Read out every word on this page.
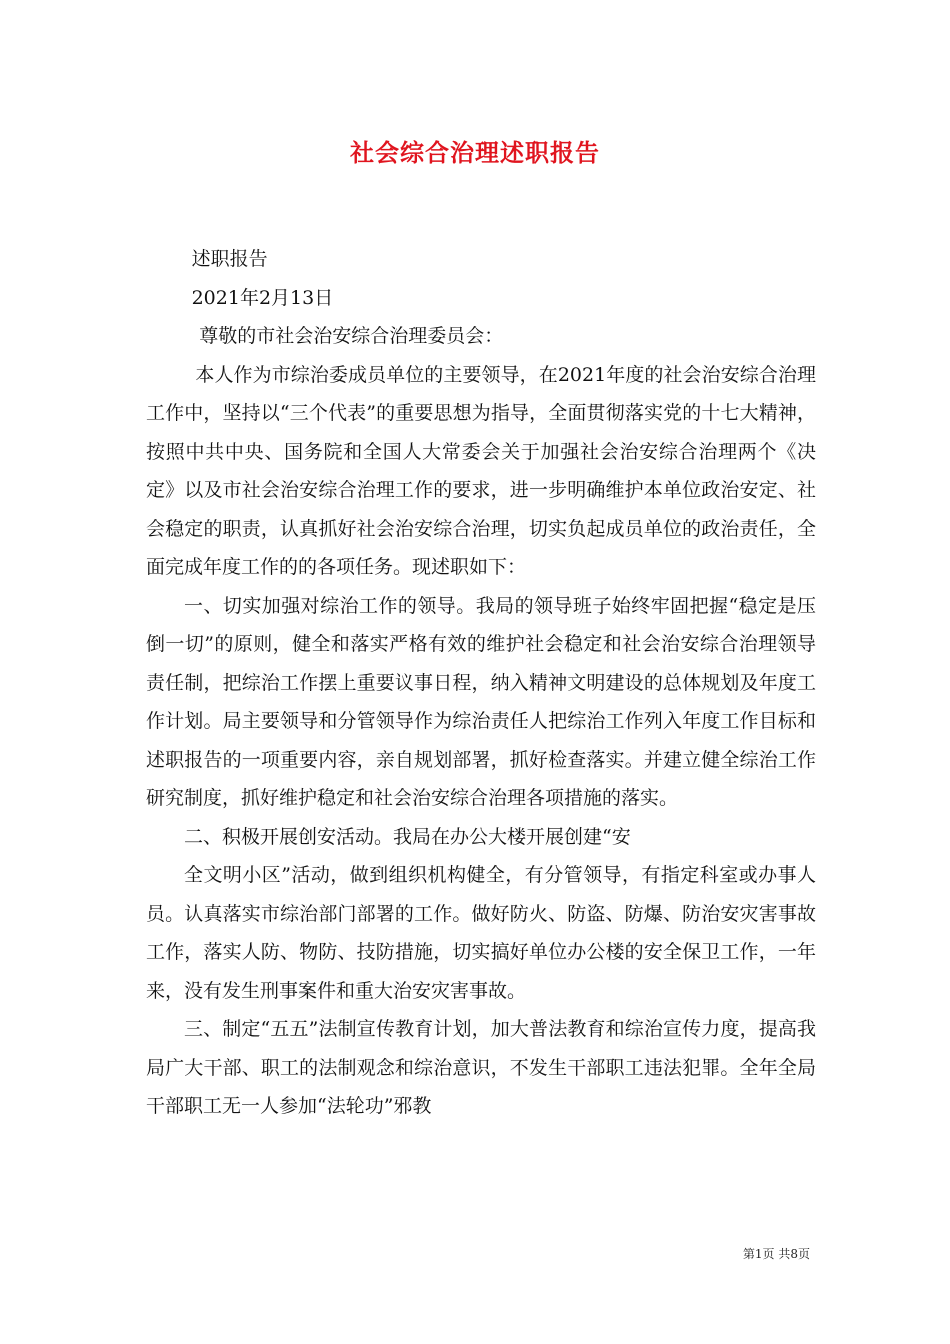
社会综合治理述职报告

述职报告

2021年2月13日

尊敬的市社会治安综合治理委员会：

本人作为市综治委成员单位的主要领导，在2021年度的社会治安综合治理工作中，坚持以“三个代表”的重要思想为指导，全面贯彻落实党的十七大精神，按照中共中央、国务院和全国人大常委会关于加强社会治安综合治理两个《决定》以及市社会治安综合治理工作的要求，进一步明确维护本单位政治安定、社会稳定的职责，认真抓好社会治安综合治理，切实负起成员单位的政治责任，全面完成年度工作的的各项任务。现述职如下：

一、切实加强对综治工作的领导。我局的领导班子始终牢固把握“稳定是压倒一切”的原则，健全和落实严格有效的维护社会稳定和社会治安综合治理领导责任制，把综治工作摆上重要议事日程，纳入精神文明建设的总体规划及年度工作计划。局主要领导和分管领导作为综治责任人把综治工作列入年度工作目标和述职报告的一项重要内容，亲自规划部署，抓好检查落实。并建立健全综治工作研究制度，抓好维护稳定和社会治安综合治理各项措施的落实。

二、积极开展创安活动。我局在办公大楼开展创建“安

全文明小区”活动，做到组织机构健全，有分管领导，有指定科室或办事人员。认真落实市综治部门部署的工作。做好防火、防盗、防爆、防治安灾害事故工作，落实人防、物防、技防措施，切实搞好单位办公楼的安全保卫工作，一年来，没有发生刑事案件和重大治安灾害事故。

三、制定“五五”法制宣传教育计划，加大普法教育和综治宣传力度，提高我局广大干部、职工的法制观念和综治意识，不发生干部职工违法犯罪。全年全局干部职工无一人参加“法轮功”邪教

第1页 共8页
